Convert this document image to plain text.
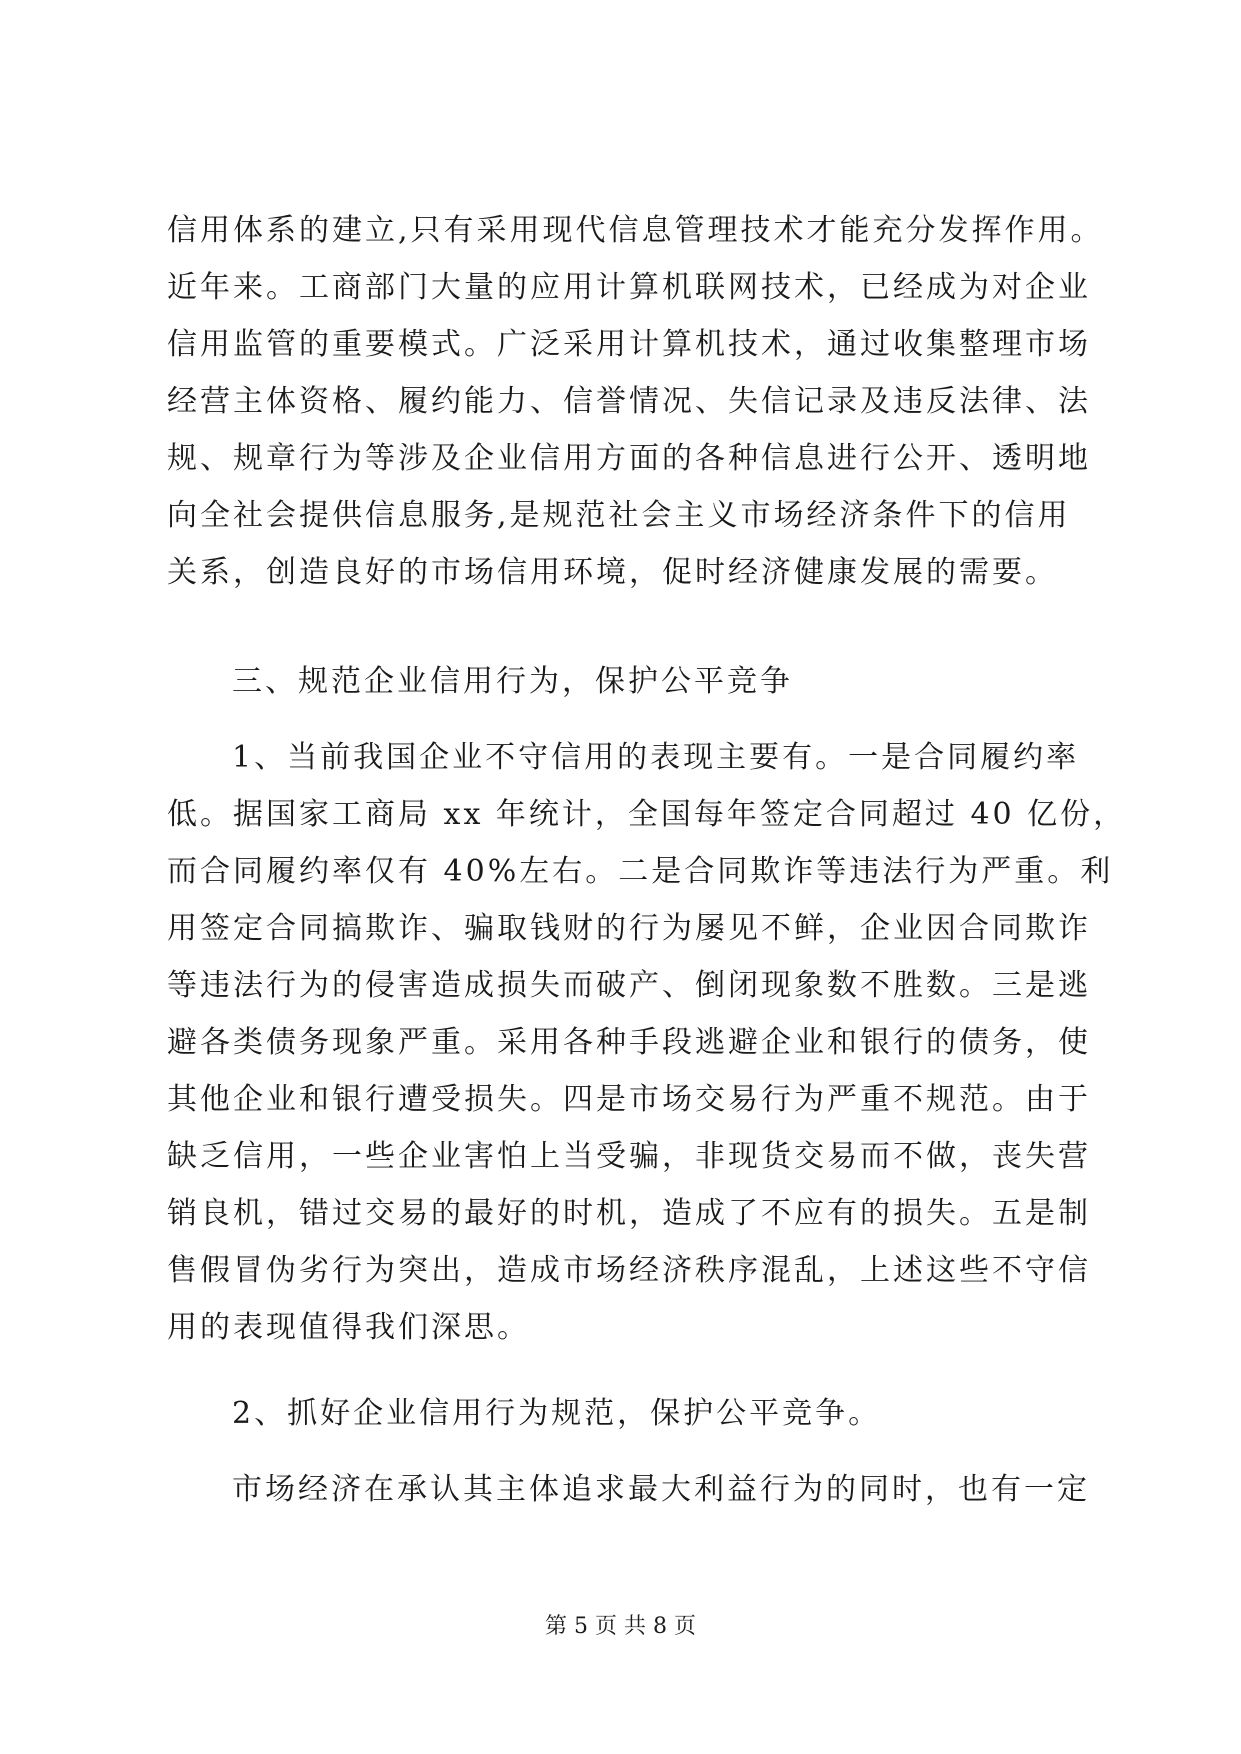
信用体系的建立,只有采用现代信息管理技术才能充分发挥作用。
近年来。工商部门大量的应用计算机联网技术，已经成为对企业
信用监管的重要模式。广泛采用计算机技术，通过收集整理市场
经营主体资格、履约能力、信誉情况、失信记录及违反法律、法
规、规章行为等涉及企业信用方面的各种信息进行公开、透明地
向全社会提供信息服务,是规范社会主义市场经济条件下的信用
关系，创造良好的市场信用环境，促时经济健康发展的需要。
三、规范企业信用行为，保护公平竞争
1、当前我国企业不守信用的表现主要有。一是合同履约率
低。据国家工商局 xx 年统计，全国每年签定合同超过 40 亿份，
而合同履约率仅有 40%左右。二是合同欺诈等违法行为严重。利
用签定合同搞欺诈、骗取钱财的行为屡见不鲜，企业因合同欺诈
等违法行为的侵害造成损失而破产、倒闭现象数不胜数。三是逃
避各类债务现象严重。采用各种手段逃避企业和银行的债务，使
其他企业和银行遭受损失。四是市场交易行为严重不规范。由于
缺乏信用，一些企业害怕上当受骗，非现货交易而不做，丧失营
销良机，错过交易的最好的时机，造成了不应有的损失。五是制
售假冒伪劣行为突出，造成市场经济秩序混乱，上述这些不守信
用的表现值得我们深思。
2、抓好企业信用行为规范，保护公平竞争。
市场经济在承认其主体追求最大利益行为的同时，也有一定
第 5 页 共 8 页
